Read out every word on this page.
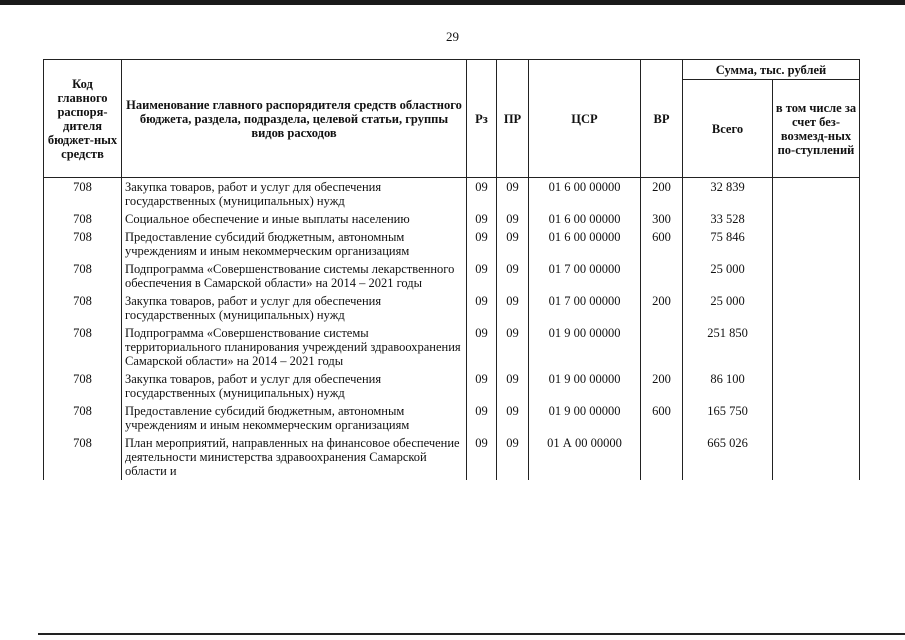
29
Код главного распоря-дителя бюджет-ных средств	Наименование главного распорядителя средств областного бюджета, раздела, подраздела, целевой статьи, группы видов расходов	Рз	ПР	ЦСР	ВР	Сумма, тыс. рублей	
						Всего	в том числе за счет без-возмезд-ных по-ступлений
708	Закупка товаров, работ и услуг для обеспечения государственных (муниципальных) нужд	09	09	01 6 00 00000	200	32 839	
708	Социальное обеспечение и иные выплаты населению	09	09	01 6 00 00000	300	33 528	
708	Предоставление субсидий бюджетным, автономным учреждениям и иным некоммерческим организациям	09	09	01 6 00 00000	600	75 846	
708	Подпрограмма «Совершенствование системы лекарственного обеспечения в Самарской области» на 2014 – 2021 годы	09	09	01 7 00 00000		25 000	
708	Закупка товаров, работ и услуг для обеспечения государственных (муниципальных) нужд	09	09	01 7 00 00000	200	25 000	
708	Подпрограмма «Совершенствование системы территориального планирования учреждений здравоохранения Самарской области» на 2014 – 2021 годы	09	09	01 9 00 00000		251 850	
708	Закупка товаров, работ и услуг для обеспечения государственных (муниципальных) нужд	09	09	01 9 00 00000	200	86 100	
708	Предоставление субсидий бюджетным, автономным учреждениям и иным некоммерческим организациям	09	09	01 9 00 00000	600	165 750	
708	План мероприятий, направленных на финансовое обеспечение деятельности министерства здравоохранения Самарской области и	09	09	01 А 00 00000		665 026	
